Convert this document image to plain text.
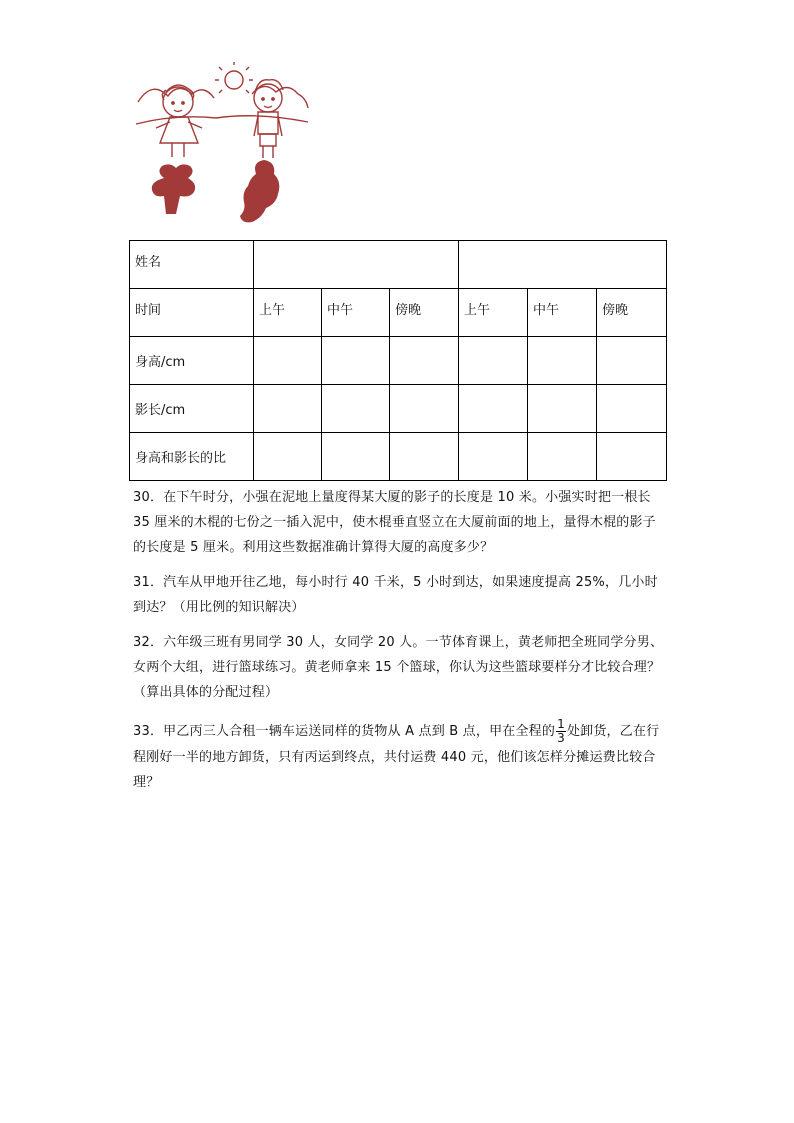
姓名						
时间	上午	中午	傍晚	上午	中午	傍晚
身高/cm						
影长/cm						
身高和影长的比						
30．在下午时分，小强在泥地上量度得某大厦的影子的长度是 10 米。小强实时把一根长 35 厘米的木棍的七份之一插入泥中，使木棍垂直竖立在大厦前面的地上，量得木棍的影子的长度是 5 厘米。利用这些数据准确计算得大厦的高度多少？
31．汽车从甲地开往乙地，每小时行 40 千米，5 小时到达，如果速度提高 25%，几小时到达？（用比例的知识解决）
32．六年级三班有男同学 30 人，女同学 20 人。一节体育课上，黄老师把全班同学分男、女两个大组，进行篮球练习。黄老师拿来 15 个篮球，你认为这些篮球要样分才比较合理？（算出具体的分配过程）
33．甲乙丙三人合租一辆车运送同样的货物从 A 点到 B 点，甲在全程的 $\frac{1}{3}$ 处卸货，乙在行程刚好一半的地方卸货，只有丙运到终点，共付运费 440 元，他们该怎样分摊运费比较合理？
